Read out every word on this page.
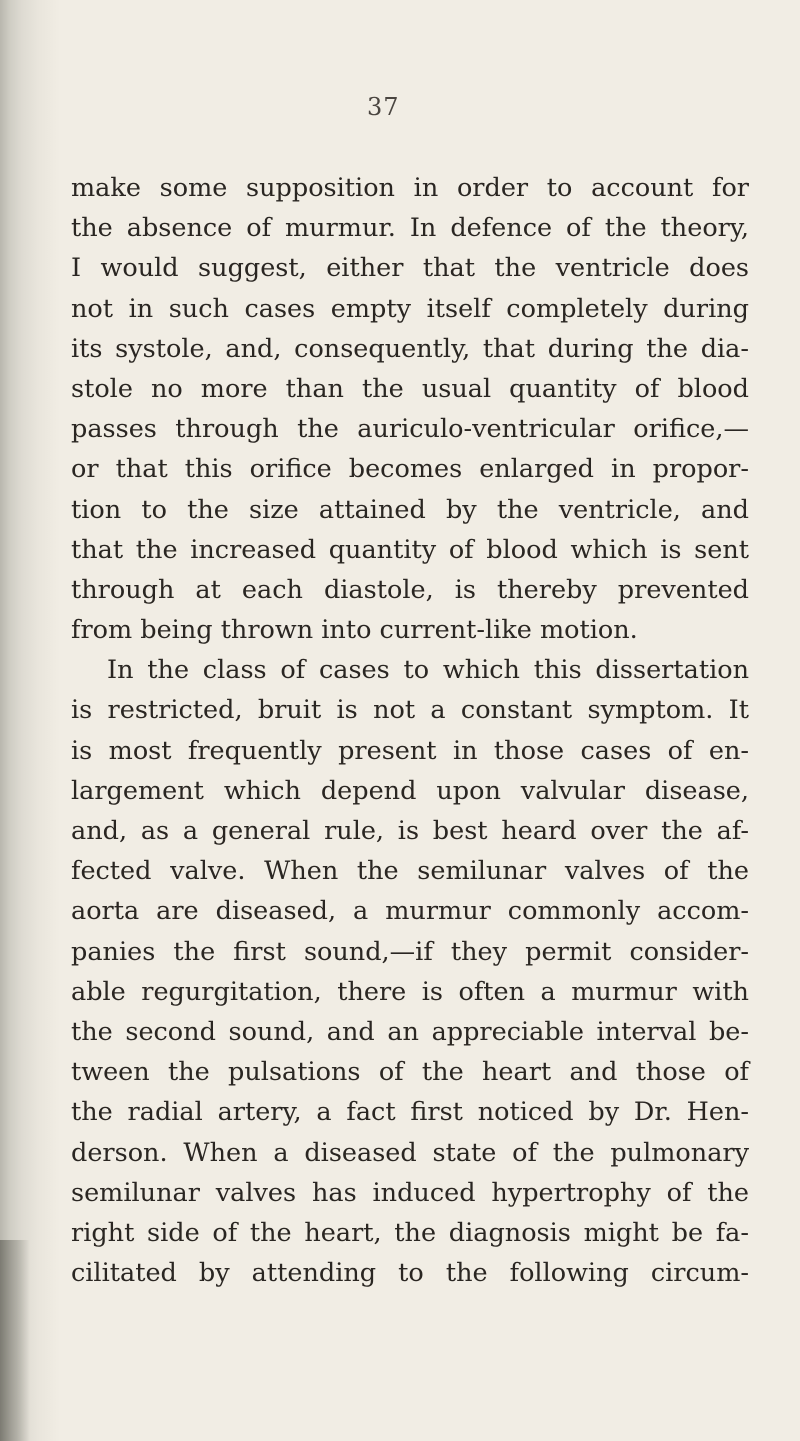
37
make some supposition in order to account for
the absence of murmur. In defence of the theory,
I would suggest, either that the ventricle does
not in such cases empty itself completely during
its systole, and, consequently, that during the dia-
stole no more than the usual quantity of blood
passes through the auriculo-ventricular orifice,—
or that this orifice becomes enlarged in propor-
tion to the size attained by the ventricle, and
that the increased quantity of blood which is sent
through at each diastole, is thereby prevented
from being thrown into current-like motion.
In the class of cases to which this dissertation
is restricted, bruit is not a constant symptom. It
is most frequently present in those cases of en-
largement which depend upon valvular disease,
and, as a general rule, is best heard over the af-
fected valve. When the semilunar valves of the
aorta are diseased, a murmur commonly accom-
panies the first sound,—if they permit consider-
able regurgitation, there is often a murmur with
the second sound, and an appreciable interval be-
tween the pulsations of the heart and those of
the radial artery, a fact first noticed by Dr. Hen-
derson. When a diseased state of the pulmonary
semilunar valves has induced hypertrophy of the
right side of the heart, the diagnosis might be fa-
cilitated by attending to the following circum-
